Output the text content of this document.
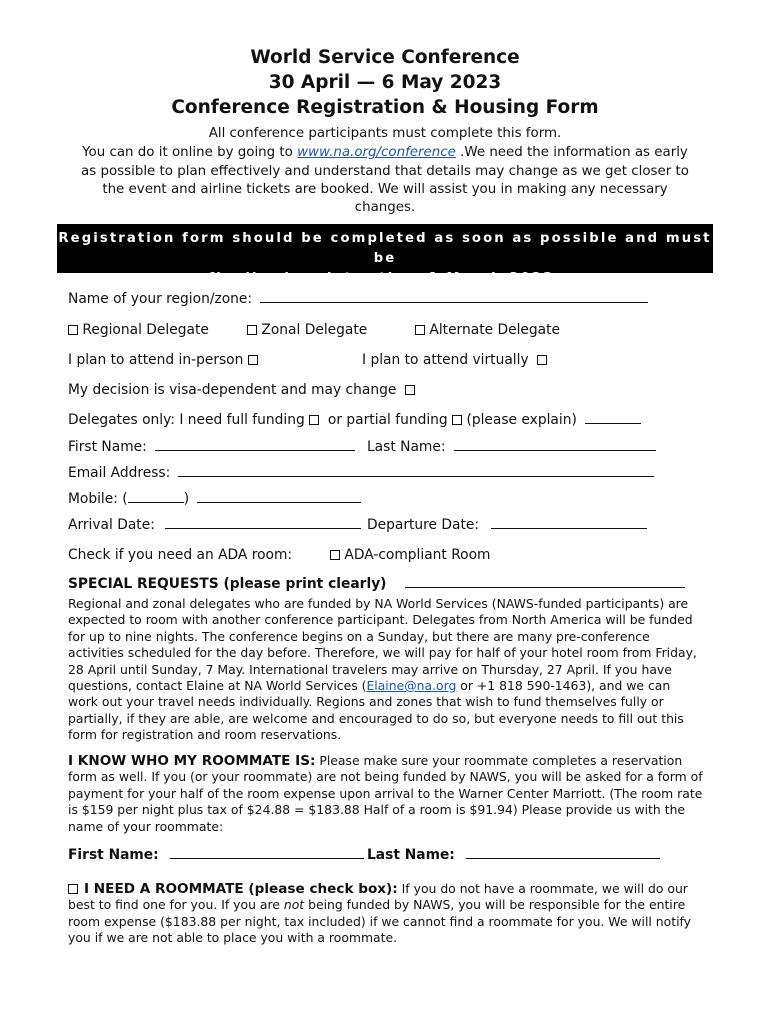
World Service Conference
30 April — 6 May 2023
Conference Registration & Housing Form
All conference participants must complete this form.
You can do it online by going to www.na.org/conference .We need the information as early
as possible to plan effectively and understand that details may change as we get closer to
the event and airline tickets are booked. We will assist you in making any necessary
changes.
Registration form should be completed as soon as possible and must be
finalized no later than 1 March 2023.
Name of your region/zone:
Regional Delegate	Zonal Delegate	Alternate Delegate
I plan to attend in-person	I plan to attend virtually
My decision is visa-dependent and may change
Delegates only: I need full funding or partial funding (please explain)
First Name:	Last Name:
Email Address:
Mobile: (	)
Arrival Date:	Departure Date:
Check if you need an ADA room:	ADA-compliant Room
SPECIAL REQUESTS (please print clearly)
Regional and zonal delegates who are funded by NA World Services (NAWS-funded participants) are expected to room with another conference participant. Delegates from North America will be funded for up to nine nights. The conference begins on a Sunday, but there are many pre-conference activities scheduled for the day before. Therefore, we will pay for half of your hotel room from Friday, 28 April until Sunday, 7 May. International travelers may arrive on Thursday, 27 April. If you have questions, contact Elaine at NA World Services (Elaine@na.org or +1 818 590-1463), and we can work out your travel needs individually. Regions and zones that wish to fund themselves fully or partially, if they are able, are welcome and encouraged to do so, but everyone needs to fill out this form for registration and room reservations.
I KNOW WHO MY ROOMMATE IS: Please make sure your roommate completes a reservation form as well. If you (or your roommate) are not being funded by NAWS, you will be asked for a form of payment for your half of the room expense upon arrival to the Warner Center Marriott. (The room rate is $159 per night plus tax of $24.88 = $183.88 Half of a room is $91.94) Please provide us with the name of your roommate:
First Name:	Last Name:
I NEED A ROOMMATE (please check box): If you do not have a roommate, we will do our best to find one for you. If you are not being funded by NAWS, you will be responsible for the entire room expense ($183.88 per night, tax included) if we cannot find a roommate for you. We will notify you if we are not able to place you with a roommate.
